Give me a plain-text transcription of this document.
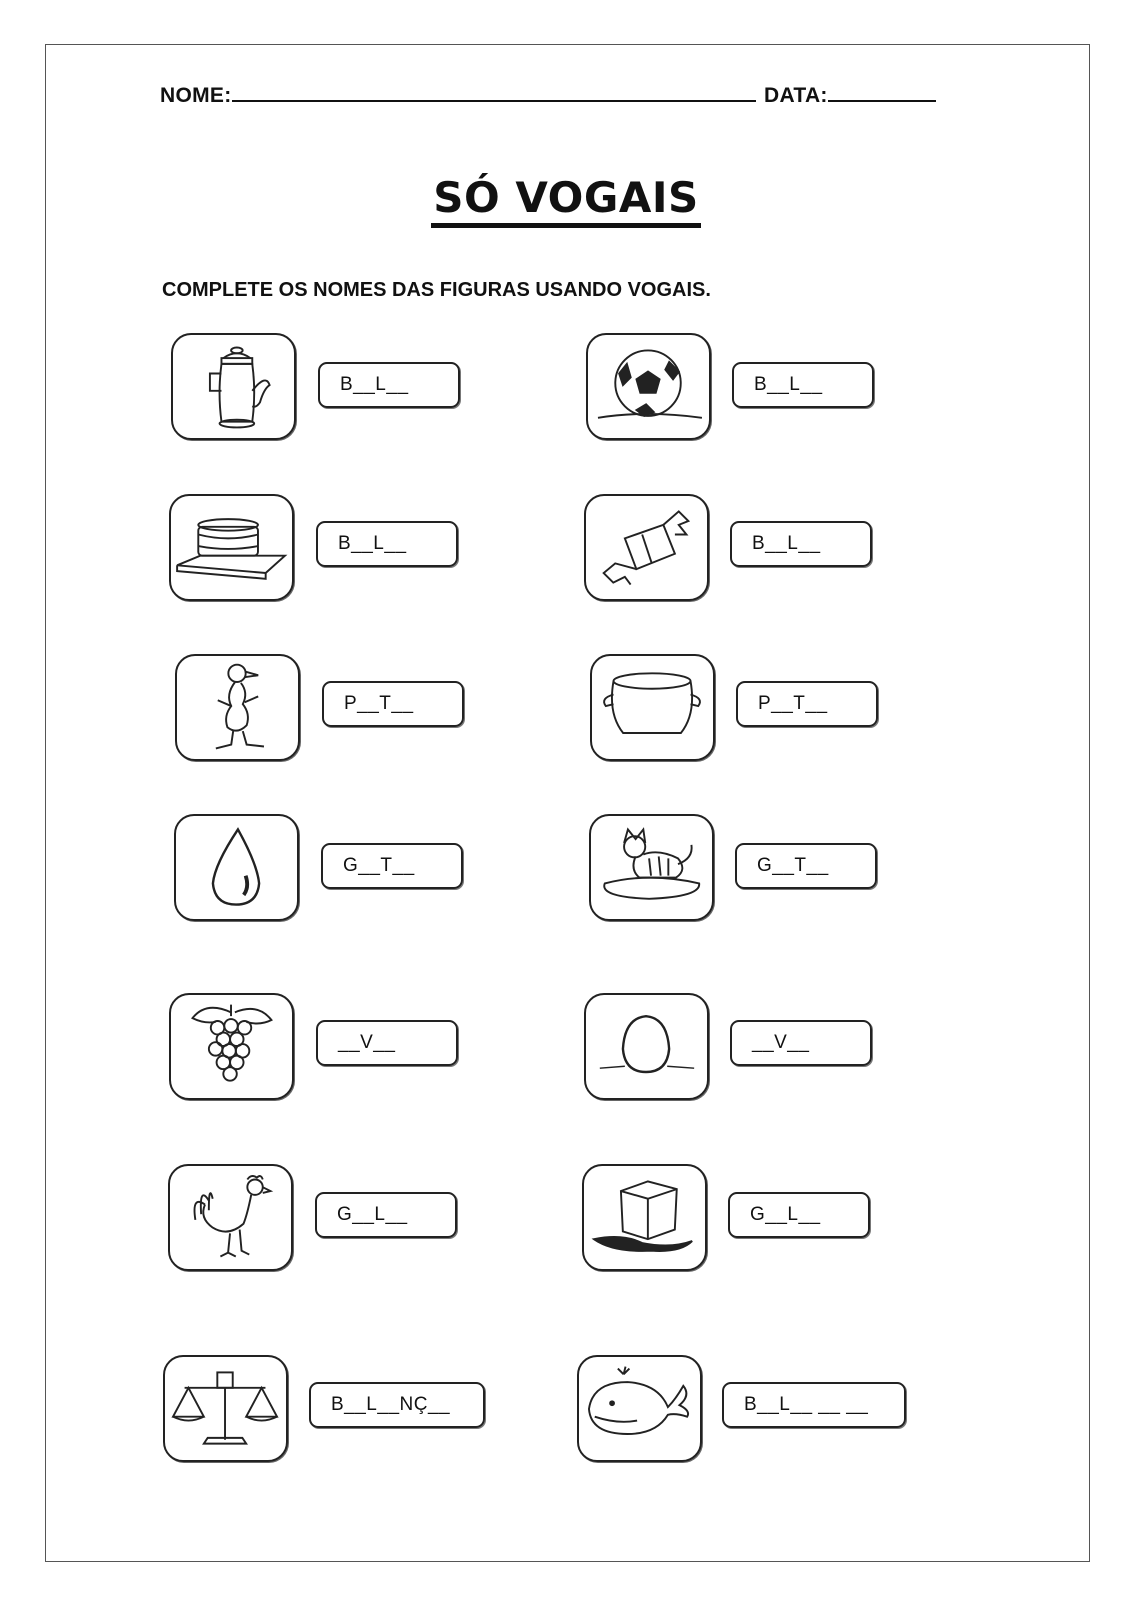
NOME:	DATA:
SÓ VOGAIS
COMPLETE OS NOMES DAS FIGURAS USANDO VOGAIS.
B__L__	B__L__
B__L__	B__L__
P__T__	P__T__
G__T__	G__T__
__V__	__V__
G__L__	G__L__
B__L__NÇ__	B__L__ __ __
